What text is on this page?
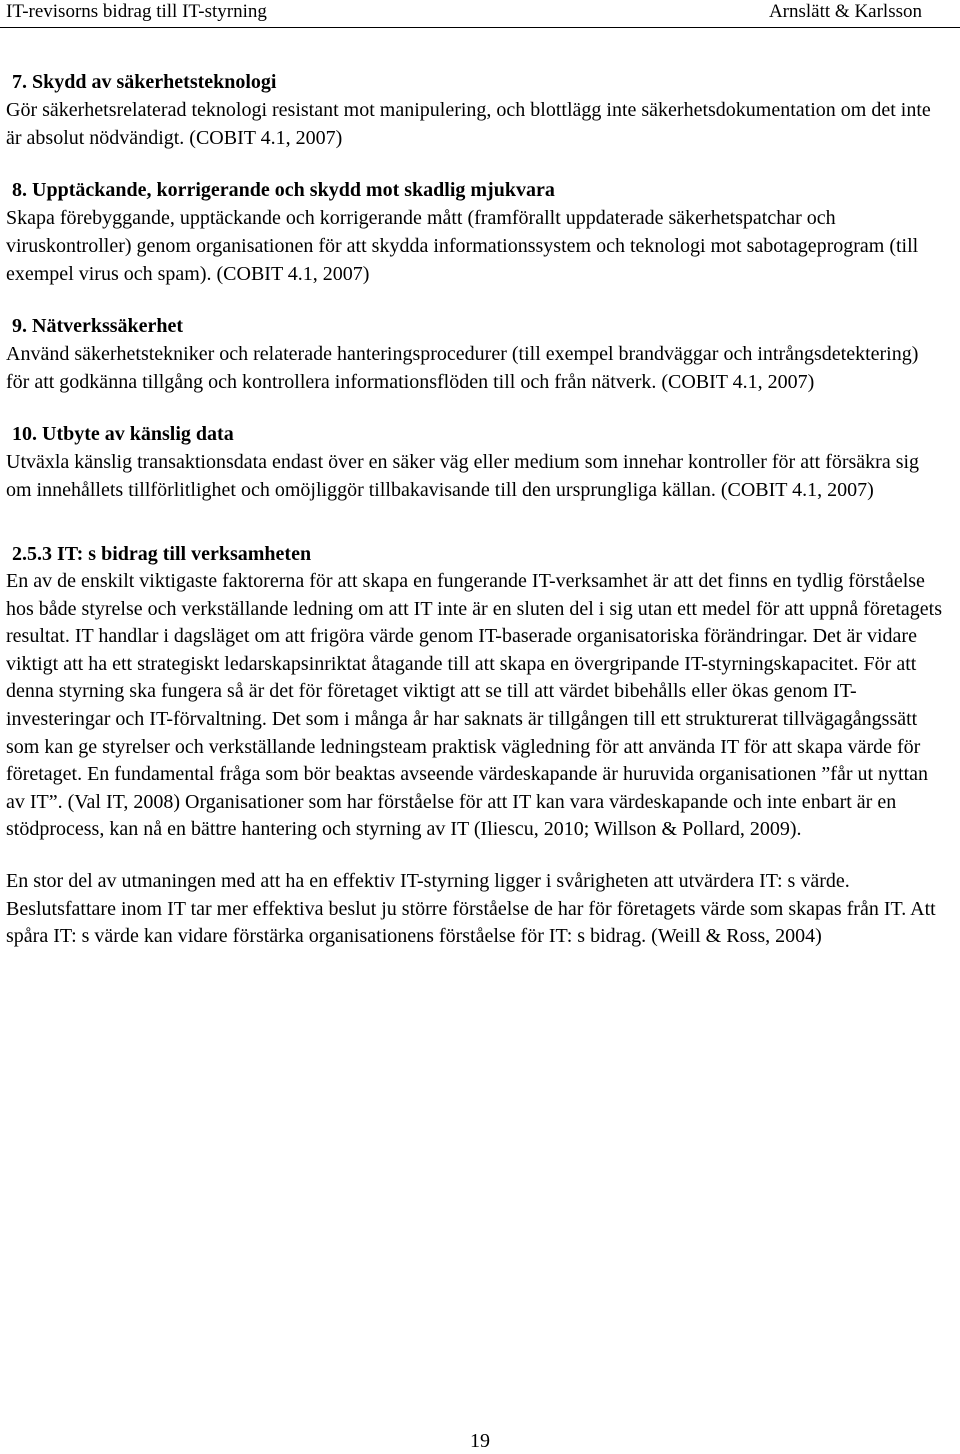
IT-revisorns bidrag till IT-styrning	Arnslätt & Karlsson

7. Skydd av säkerhetsteknologi

Gör säkerhetsrelaterad teknologi resistant mot manipulering, och blottlägg inte säkerhetsdokumentation om det inte är absolut nödvändigt. (COBIT 4.1, 2007)

8. Upptäckande, korrigerande och skydd mot skadlig mjukvara

Skapa förebyggande, upptäckande och korrigerande mått (framförallt uppdaterade säkerhetspatchar och viruskontroller) genom organisationen för att skydda informationssystem och teknologi mot sabotageprogram (till exempel virus och spam). (COBIT 4.1, 2007)

9. Nätverkssäkerhet

Använd säkerhetstekniker och relaterade hanteringsprocedurer (till exempel brandväggar och intrångsdetektering) för att godkänna tillgång och kontrollera informationsflöden till och från nätverk. (COBIT 4.1, 2007)

10. Utbyte av känslig data

Utväxla känslig transaktionsdata endast över en säker väg eller medium som innehar kontroller för att försäkra sig om innehållets tillförlitlighet och omöjliggör tillbakavisande till den ursprungliga källan. (COBIT 4.1, 2007)

2.5.3 IT: s bidrag till verksamheten

En av de enskilt viktigaste faktorerna för att skapa en fungerande IT-verksamhet är att det finns en tydlig förståelse hos både styrelse och verkställande ledning om att IT inte är en sluten del i sig utan ett medel för att uppnå företagets resultat. IT handlar i dagsläget om att frigöra värde genom IT-baserade organisatoriska förändringar. Det är vidare viktigt att ha ett strategiskt ledarskapsinriktat åtagande till att skapa en övergripande IT-styrningskapacitet. För att denna styrning ska fungera så är det för företaget viktigt att se till att värdet bibehålls eller ökas genom IT-investeringar och IT-förvaltning. Det som i många år har saknats är tillgången till ett strukturerat tillvägagångssätt som kan ge styrelser och verkställande ledningsteam praktisk vägledning för att använda IT för att skapa värde för företaget. En fundamental fråga som bör beaktas avseende värdeskapande är huruvida organisationen ”får ut nyttan av IT”. (Val IT, 2008) Organisationer som har förståelse för att IT kan vara värdeskapande och inte enbart är en stödprocess, kan nå en bättre hantering och styrning av IT (Iliescu, 2010; Willson & Pollard, 2009).

En stor del av utmaningen med att ha en effektiv IT-styrning ligger i svårigheten att utvärdera IT: s värde. Beslutsfattare inom IT tar mer effektiva beslut ju större förståelse de har för företagets värde som skapas från IT. Att spåra IT: s värde kan vidare förstärka organisationens förståelse för IT: s bidrag. (Weill & Ross, 2004)

19
